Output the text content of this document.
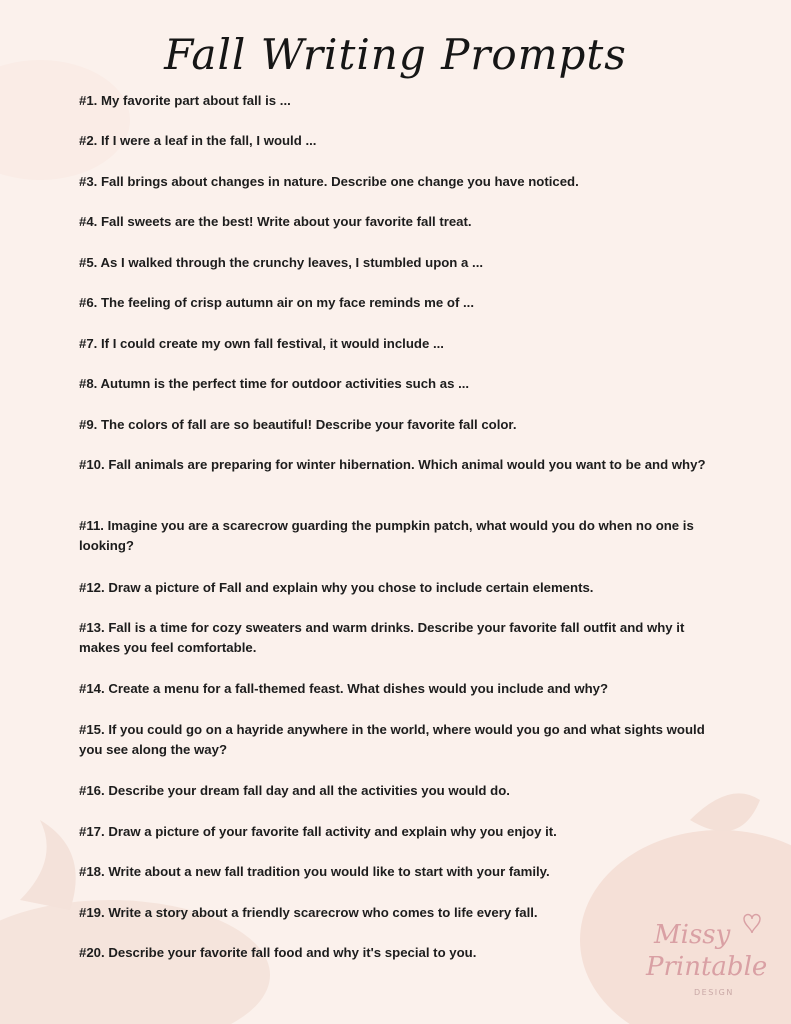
Fall Writing Prompts
#1. My favorite part about fall is ...
#2. If I were a leaf in the fall, I would ...
#3. Fall brings about changes in nature. Describe one change you have noticed.
#4. Fall sweets are the best! Write about your favorite fall treat.
#5. As I walked through the crunchy leaves, I stumbled upon a ...
#6. The feeling of crisp autumn air on my face reminds me of ...
#7. If I could create my own fall festival, it would include ...
#8. Autumn is the perfect time for outdoor activities such as ...
#9. The colors of fall are so beautiful! Describe your favorite fall color.
#10. Fall animals are preparing for winter hibernation. Which animal would you want to be and why?
#11. Imagine you are a scarecrow guarding the pumpkin patch, what would you do when no one is looking?
#12. Draw a picture of Fall and explain why you chose to include certain elements.
#13. Fall is a time for cozy sweaters and warm drinks. Describe your favorite fall outfit and why it makes you feel comfortable.
#14. Create a menu for a fall-themed feast. What dishes would you include and why?
#15. If you could go on a hayride anywhere in the world, where would you go and what sights would you see along the way?
#16. Describe your dream fall day and all the activities you would do.
#17. Draw a picture of your favorite fall activity and explain why you enjoy it.
#18. Write about a new fall tradition you would like to start with your family.
#19. Write a story about a friendly scarecrow who comes to life every fall.
#20. Describe your favorite fall food and why it's special to you.
Missy
Printable
DESIGN
